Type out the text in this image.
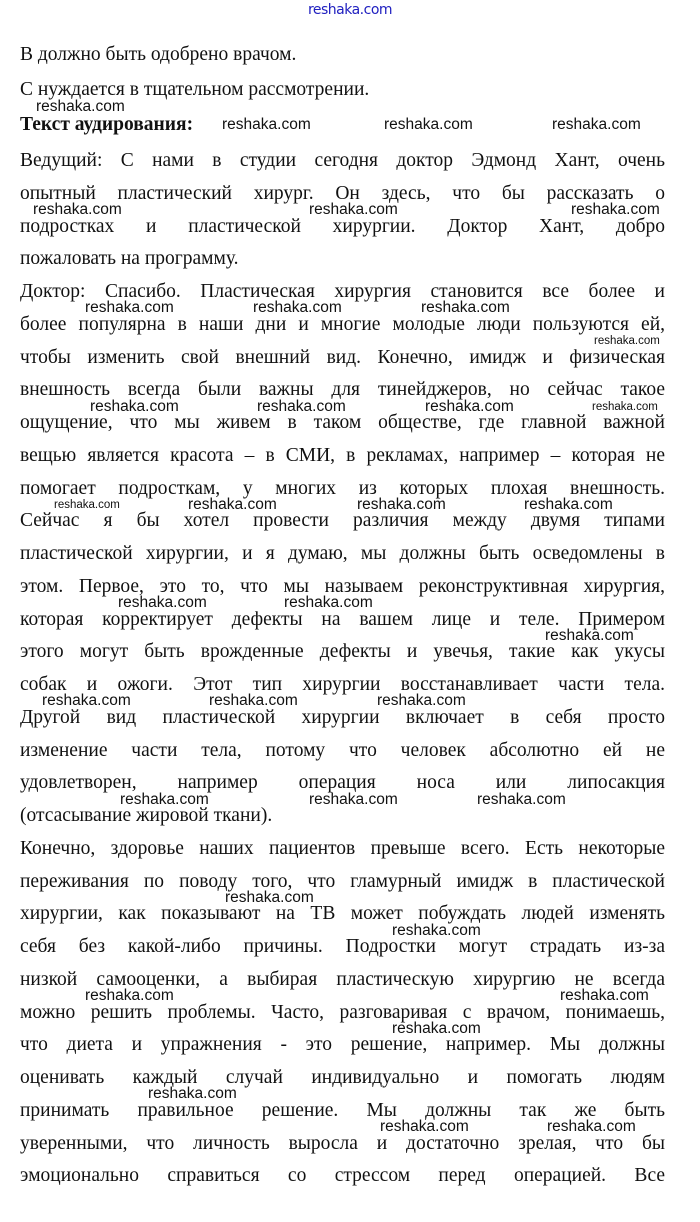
reshaka.com
В должно быть одобрено врачом.
С нуждается в тщательном рассмотрении.
reshaka.com
Текст аудирования: reshaka.com	reshaka.com	reshaka.com
Ведущий: С нами в студии сегодня доктор Эдмонд Хант, очень
опытный пластический хирург. Он здесь, что бы рассказать о
подростках и пластической хирургии. Доктор Хант, добро
пожаловать на программу.
Доктор: Спасибо. Пластическая хирургия становится все более и
более популярна в наши дни и многие молодые люди пользуются ей,
чтобы изменить свой внешний вид. Конечно, имидж и физическая
внешность всегда были важны для тинейджеров, но сейчас такое
ощущение, что мы живем в таком обществе, где главной важной
вещью является красота – в СМИ, в рекламах, например – которая не
помогает подросткам, у многих из которых плохая внешность.
Сейчас я бы хотел провести различия между двумя типами
пластической хирургии, и я думаю, мы должны быть осведомлены в
этом. Первое, это то, что мы называем реконструктивная хирургия,
которая корректирует дефекты на вашем лице и теле. Примером
этого могут быть врожденные дефекты и увечья, такие как укусы
собак и ожоги. Этот тип хирургии восстанавливает части тела.
Другой вид пластической хирургии включает в себя просто
изменение части тела, потому что человек абсолютно ей не
удовлетворен, например операция носа или липосакция
(отсасывание жировой ткани).
Конечно, здоровье наших пациентов превыше всего. Есть некоторые
переживания по поводу того, что гламурный имидж в пластической
хирургии, как показывают на ТВ может побуждать людей изменять
себя без какой-либо причины. Подростки могут страдать из-за
низкой самооценки, а выбирая пластическую хирургию не всегда
можно решить проблемы. Часто, разговаривая с врачом, понимаешь,
что диета и упражнения - это решение, например. Мы должны
оценивать каждый случай индивидуально и помогать людям
принимать правильное решение. Мы должны так же быть
уверенными, что личность выросла и достаточно зрелая, что бы
эмоционально справиться со стрессом перед операцией. Все
reshaka.com	reshaka.com	reshaka.com
reshaka.com	reshaka.com	reshaka.com
reshaka.com
reshaka.com	reshaka.com	reshaka.com	reshaka.com
reshaka.com	reshaka.com	reshaka.com	reshaka.com
reshaka.com	reshaka.com
reshaka.com
reshaka.com	reshaka.com	reshaka.com
reshaka.com	reshaka.com	reshaka.com
reshaka.com
reshaka.com
reshaka.com	reshaka.com
reshaka.com
reshaka.com
reshaka.com	reshaka.com
